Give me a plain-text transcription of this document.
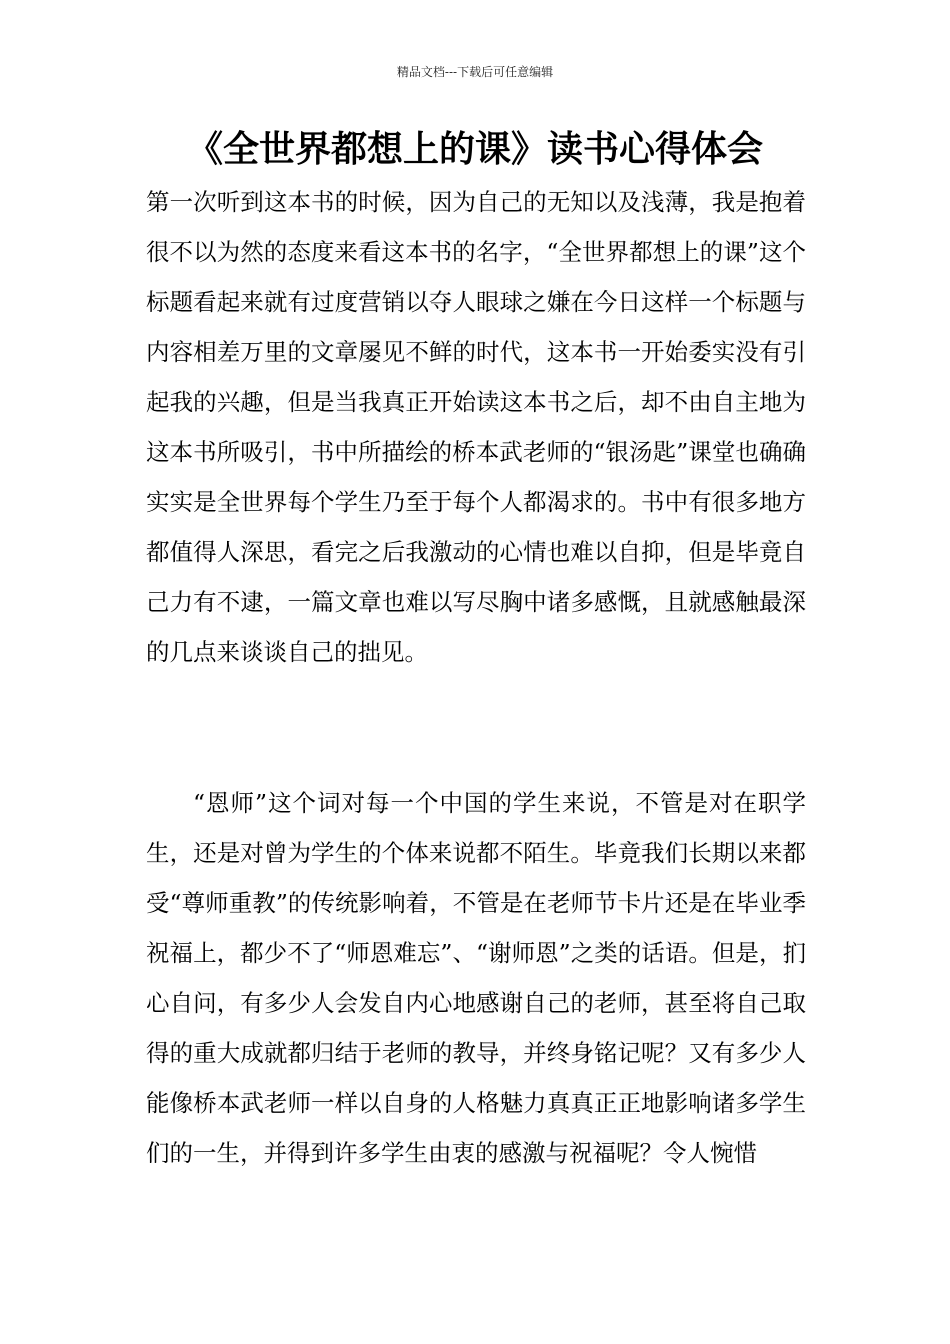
精品文档---下载后可任意编辑
《全世界都想上的课》读书心得体会

第一次听到这本书的时候，因为自己的无知以及浅薄，我是抱着很不以为然的态度来看这本书的名字，“全世界都想上的课”这个标题看起来就有过度营销以夺人眼球之嫌在今日这样一个标题与内容相差万里的文章屡见不鲜的时代，这本书一开始委实没有引起我的兴趣，但是当我真正开始读这本书之后，却不由自主地为这本书所吸引，书中所描绘的桥本武老师的“银汤匙”课堂也确确实实是全世界每个学生乃至于每个人都渴求的。书中有很多地方都值得人深思，看完之后我激动的心情也难以自抑，但是毕竟自己力有不逮，一篇文章也难以写尽胸中诸多感慨，且就感触最深的几点来谈谈自己的拙见。

“恩师”这个词对每一个中国的学生来说，不管是对在职学生，还是对曾为学生的个体来说都不陌生。毕竟我们长期以来都受“尊师重教”的传统影响着，不管是在老师节卡片还是在毕业季祝福上，都少不了“师恩难忘”、“谢师恩”之类的话语。但是，扪心自问，有多少人会发自内心地感谢自己的老师，甚至将自己取得的重大成就都归结于老师的教导，并终身铭记呢？又有多少人能像桥本武老师一样以自身的人格魅力真真正正地影响诸多学生们的一生，并得到许多学生由衷的感激与祝福呢？令人惋惜
